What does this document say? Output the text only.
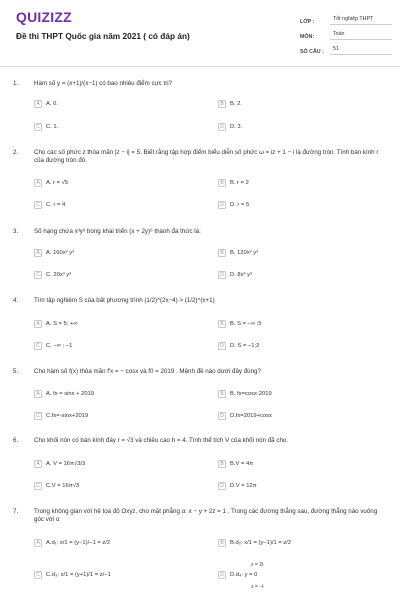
QUIZIZZ
Đề thi THPT Quốc gia năm 2021 ( có đáp án)
LỚP :	Tốt nghiệp THPT
MÔN:	Toán
SỐ CÂU :	51
1.	Hàm số y = (x+1)/(x−1) có bao nhiêu điểm cực trị?
A	A. 0.	B	B. 2.
C	C. 1.	D	D. 3.
2.	Cho các số phức z thỏa mãn |z − i| = 5. Biết rằng tập hợp điểm biểu diễn số phức ω = iz + 1 − i là đường tròn. Tính bán kính r của đường tròn đó.
A	A. r = √5	B	B. r = 2
C	C. r = 4	D	D. r = 5
3.	Số hạng chứa x³y³ trong khai triển (x + 2y)⁶ thành đa thức là:
A	A. 160x³ y³	B	B. 120x³ y³
C	C. 20x³ y³	D	D. 8x³ y³
4.	Tìm tập nghiệm S của bất phương trình (1/2)^(2x−4) > (1/2)^(x+1)
A	A. S = 5; +∞	B	B. S = −∞ ;5
C	C. −∞ ; −1	D	D. S = −1;2
5.	Cho hàm số f(x) thỏa mãn f′x = − cosx và f0 = 2019 . Mệnh đề nào dưới đây đúng?
A	A. fx = sinx + 2019	B	B. fx=cosx-2019
C	C.fx=-sinx+2019	D	D.fx=2019+cosx
6.	Cho khối nón có bán kính đáy r = √3 và chiều cao h = 4. Tính thể tích V của khối nón đã cho.
A	A. V = 16π√3/3	B	B.V = 4π
C	C.V = 16π√3	D	D.V = 12π
7.	Trong không gian với hệ tọa độ Oxyz, cho mặt phẳng α: x − y + 2z = 1 . Trong các đường thẳng sau, đường thẳng nào vuông góc với α
A	A.d₁: x/1 = (y−1)/−1 = z/2	B	B.d₂: x/1 = (y−1)/1 = z/2
C	C.d₃: x/1 = (y+1)/1 = z/−1	D	D.d₄: y = 0
x = 2t
z = −t
